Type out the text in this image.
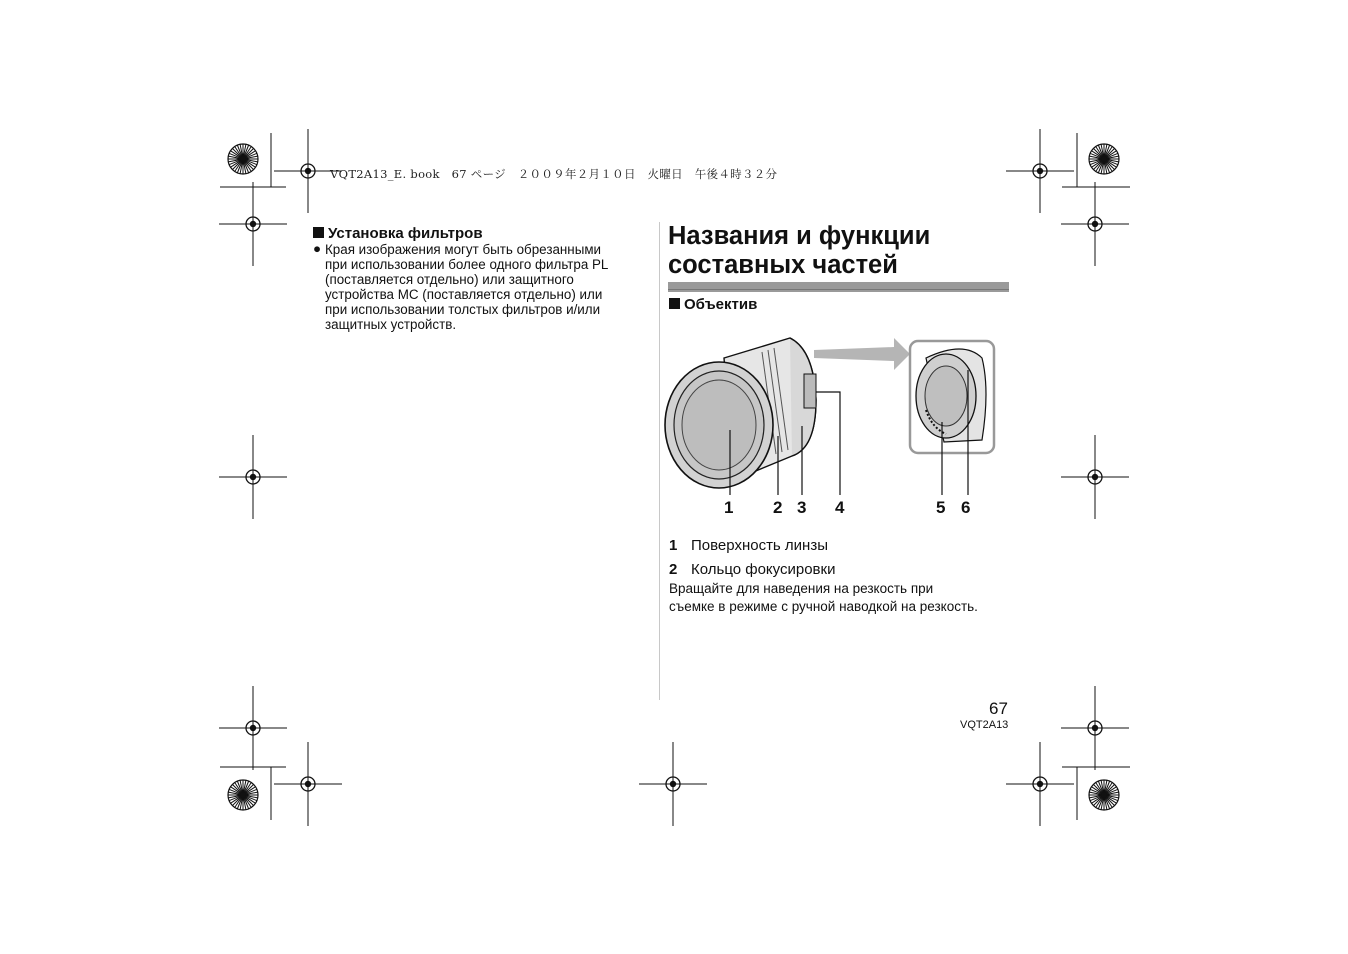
VQT2A13_E. book　67 ページ　２００９年２月１０日　火曜日　午後４時３２分
Установка фильтров
● Края изображения могут быть обрезанными
при использовании более одного фильтра PL
(поставляется отдельно) или защитного
устройства MC (поставляется отдельно) или
при использовании толстых фильтров и/или
защитных устройств.
Названия и функции
составных частей
Объектив
1 2 3 4	5 6
1 Поверхность линзы
2 Кольцо фокусировки
Вращайте для наведения на резкость при
съемке в режиме с ручной наводкой на резкость.
67
VQT2A13
